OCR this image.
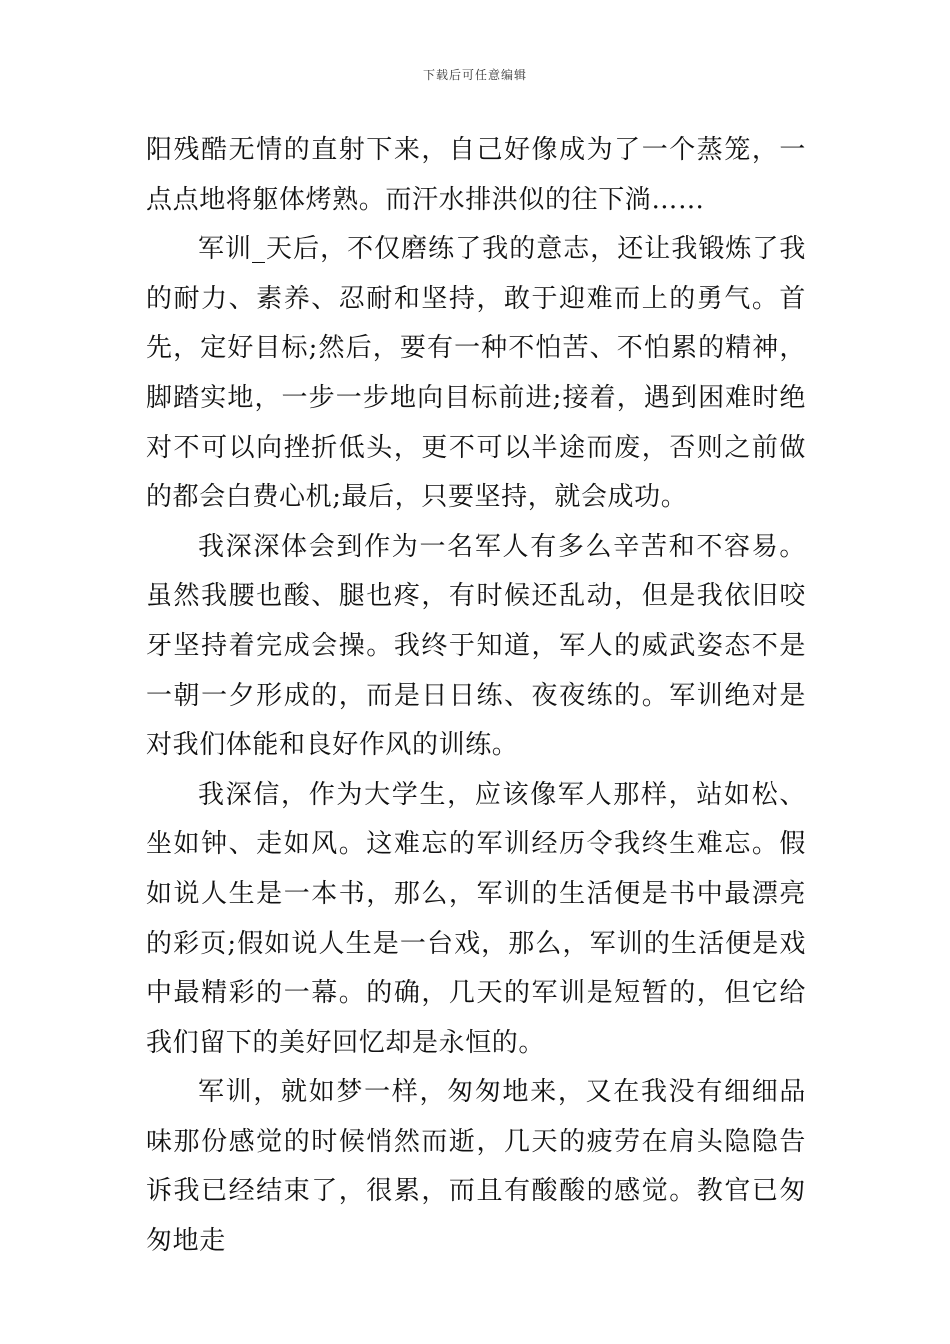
下载后可任意编辑

阳残酷无情的直射下来，自己好像成为了一个蒸笼，一点点地将躯体烤熟。而汗水排洪似的往下淌……

军训_天后，不仅磨练了我的意志，还让我锻炼了我的耐力、素养、忍耐和坚持，敢于迎难而上的勇气。首先，定好目标;然后，要有一种不怕苦、不怕累的精神，脚踏实地，一步一步地向目标前进;接着，遇到困难时绝对不可以向挫折低头，更不可以半途而废，否则之前做的都会白费心机;最后，只要坚持，就会成功。

我深深体会到作为一名军人有多么辛苦和不容易。虽然我腰也酸、腿也疼，有时候还乱动，但是我依旧咬牙坚持着完成会操。我终于知道，军人的威武姿态不是一朝一夕形成的，而是日日练、夜夜练的。军训绝对是对我们体能和良好作风的训练。

我深信，作为大学生，应该像军人那样，站如松、坐如钟、走如风。这难忘的军训经历令我终生难忘。假如说人生是一本书，那么，军训的生活便是书中最漂亮的彩页;假如说人生是一台戏，那么，军训的生活便是戏中最精彩的一幕。的确，几天的军训是短暂的，但它给我们留下的美好回忆却是永恒的。

军训，就如梦一样，匆匆地来，又在我没有细细品味那份感觉的时候悄然而逝，几天的疲劳在肩头隐隐告诉我已经结束了，很累，而且有酸酸的感觉。教官已匆匆地走
